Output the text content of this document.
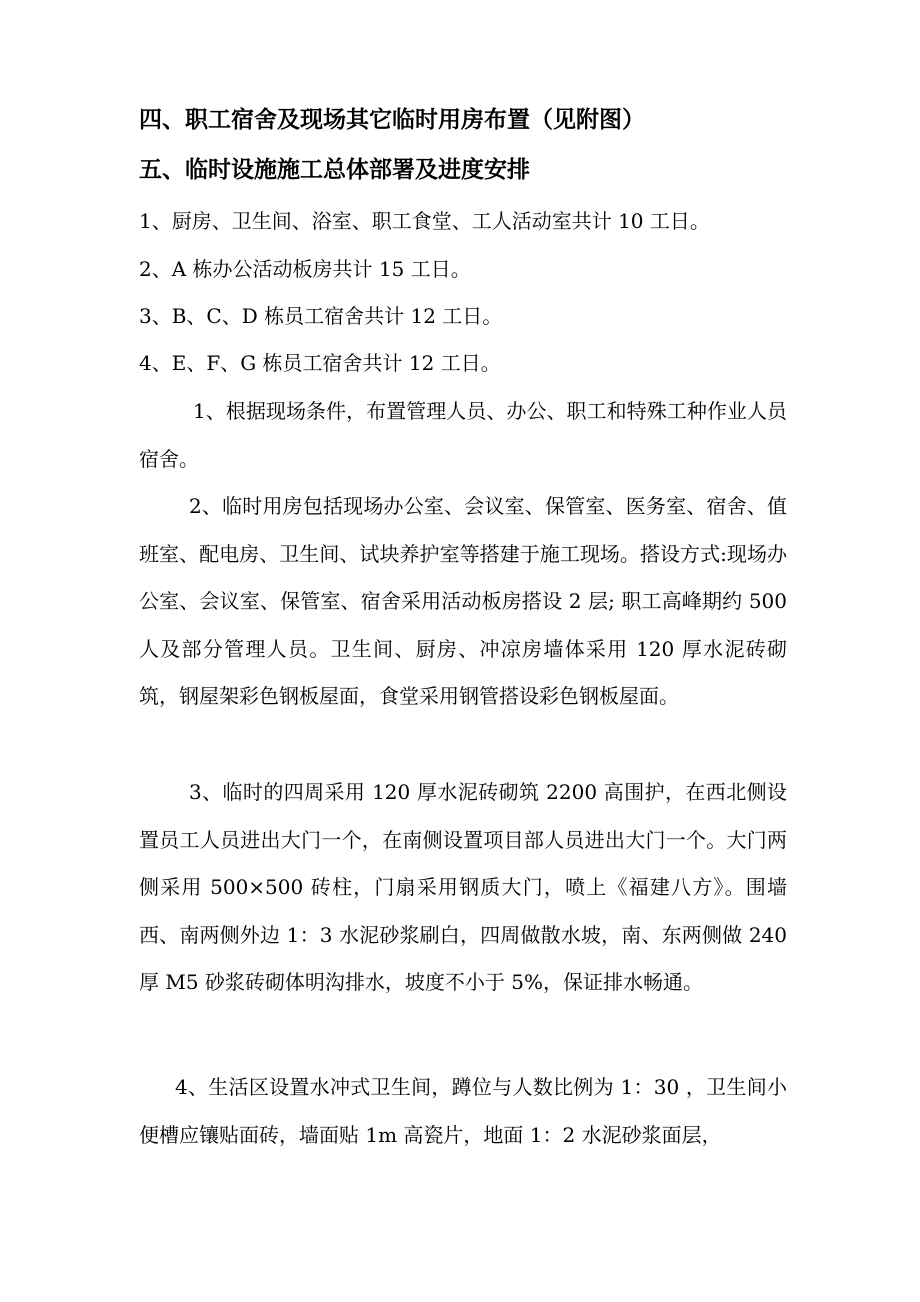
四、职工宿舍及现场其它临时用房布置（见附图）
五、临时设施施工总体部署及进度安排
1、厨房、卫生间、浴室、职工食堂、工人活动室共计 10 工日。
2、A 栋办公活动板房共计 15 工日。
3、B、C、D 栋员工宿舍共计 12 工日。
4、E、F、G 栋员工宿舍共计 12 工日。
1、根据现场条件，布置管理人员、办公、职工和特殊工种作业人员宿舍。
2、临时用房包括现场办公室、会议室、保管室、医务室、宿舍、值班室、配电房、卫生间、试块养护室等搭建于施工现场。搭设方式:现场办公室、会议室、保管室、宿舍采用活动板房搭设 2 层; 职工高峰期约 500 人及部分管理人员。卫生间、厨房、冲凉房墙体采用 120 厚水泥砖砌筑，钢屋架彩色钢板屋面，食堂采用钢管搭设彩色钢板屋面。
3、临时的四周采用 120 厚水泥砖砌筑 2200 高围护，在西北侧设置员工人员进出大门一个，在南侧设置项目部人员进出大门一个。大门两侧采用 500×500 砖柱，门扇采用钢质大门，喷上《福建八方》。围墙西、南两侧外边 1：3 水泥砂浆刷白，四周做散水坡，南、东两侧做 240 厚 M5 砂浆砖砌体明沟排水，坡度不小于 5%，保证排水畅通。
4、生活区设置水冲式卫生间，蹲位与人数比例为 1：30 ，卫生间小便槽应镶贴面砖，墙面贴 1m 高瓷片，地面 1：2 水泥砂浆面层，
